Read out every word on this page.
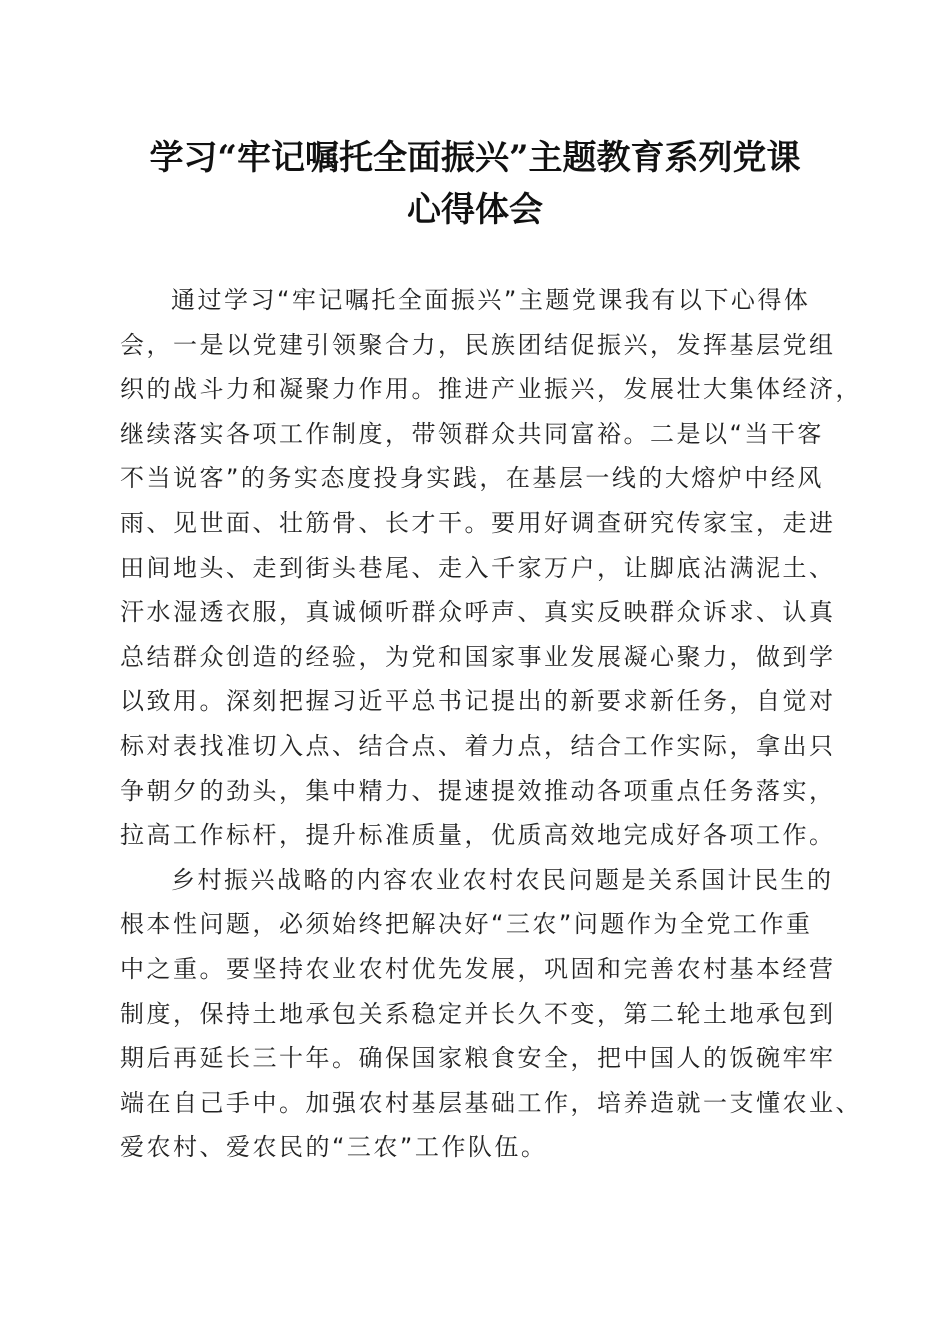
学习“牢记嘱托全面振兴”主题教育系列党课
心得体会

通过学习“牢记嘱托全面振兴”主题党课我有以下心得体
会，一是以党建引领聚合力，民族团结促振兴，发挥基层党组
织的战斗力和凝聚力作用。推进产业振兴，发展壮大集体经济，
继续落实各项工作制度，带领群众共同富裕。二是以“当干客
不当说客”的务实态度投身实践，在基层一线的大熔炉中经风
雨、见世面、壮筋骨、长才干。要用好调查研究传家宝，走进
田间地头、走到街头巷尾、走入千家万户，让脚底沾满泥土、
汗水湿透衣服，真诚倾听群众呼声、真实反映群众诉求、认真
总结群众创造的经验，为党和国家事业发展凝心聚力，做到学
以致用。深刻把握习近平总书记提出的新要求新任务，自觉对
标对表找准切入点、结合点、着力点，结合工作实际，拿出只
争朝夕的劲头，集中精力、提速提效推动各项重点任务落实，
拉高工作标杆，提升标准质量，优质高效地完成好各项工作。

乡村振兴战略的内容农业农村农民问题是关系国计民生的
根本性问题，必须始终把解决好“三农”问题作为全党工作重
中之重。要坚持农业农村优先发展，巩固和完善农村基本经营
制度，保持土地承包关系稳定并长久不变，第二轮土地承包到
期后再延长三十年。确保国家粮食安全，把中国人的饭碗牢牢
端在自己手中。加强农村基层基础工作，培养造就一支懂农业、
爱农村、爱农民的“三农”工作队伍。
